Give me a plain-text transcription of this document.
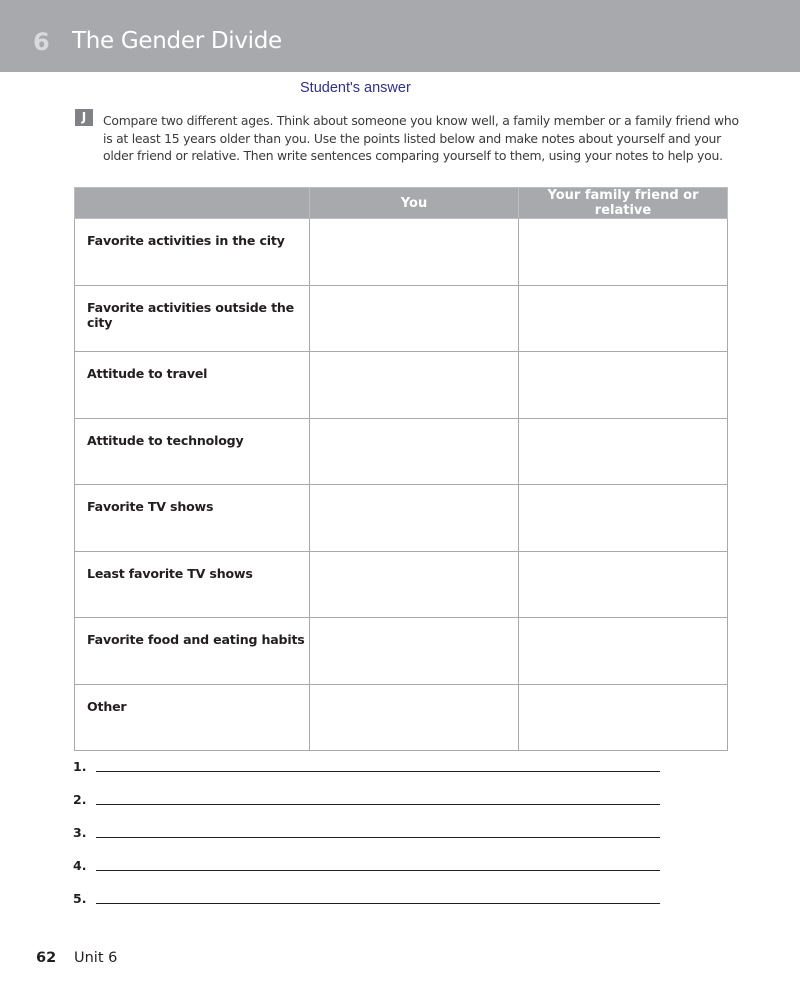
6 The Gender Divide
Student's answer
J	Compare two different ages. Think about someone you know well, a family member or a family friend who is at least 15 years older than you. Use the points listed below and make notes about yourself and your older friend or relative. Then write sentences comparing yourself to them, using your notes to help you.
	You	Your family friend or relative
Favorite activities in the city		
Favorite activities outside the city		
Attitude to travel		
Attitude to technology		
Favorite TV shows		
Least favorite TV shows		
Favorite food and eating habits		
Other		
1.
2.
3.
4.
5.
62 Unit 6
